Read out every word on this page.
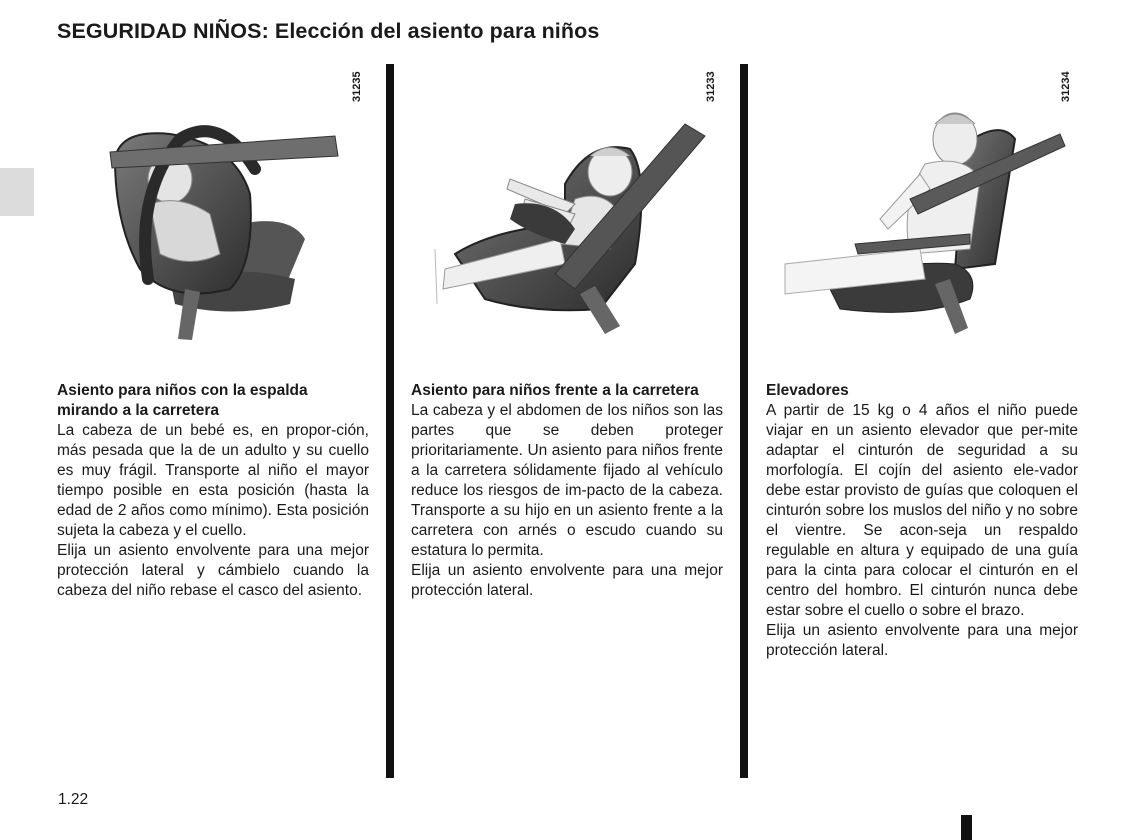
SEGURIDAD NIÑOS: Elección del asiento para niños
31235	31233	31234
Asiento para niños con la espalda mirando a la carretera

La cabeza de un bebé es, en propor-ción, más pesada que la de un adulto y su cuello es muy frágil. Transporte al niño el mayor tiempo posible en esta posición (hasta la edad de 2 años como mínimo). Esta posición sujeta la cabeza y el cuello.

Elija un asiento envolvente para una mejor protección lateral y cámbielo cuando la cabeza del niño rebase el casco del asiento.

Asiento para niños frente a la carretera

La cabeza y el abdomen de los niños son las partes que se deben proteger prioritariamente. Un asiento para niños frente a la carretera sólidamente fijado al vehículo reduce los riesgos de im-pacto de la cabeza. Transporte a su hijo en un asiento frente a la carretera con arnés o escudo cuando su estatura lo permita.

Elija un asiento envolvente para una mejor protección lateral.

Elevadores

A partir de 15 kg o 4 años el niño puede viajar en un asiento elevador que per-mite adaptar el cinturón de seguridad a su morfología. El cojín del asiento ele-vador debe estar provisto de guías que coloquen el cinturón sobre los muslos del niño y no sobre el vientre. Se acon-seja un respaldo regulable en altura y equipado de una guía para la cinta para colocar el cinturón en el centro del hombro. El cinturón nunca debe estar sobre el cuello o sobre el brazo.

Elija un asiento envolvente para una mejor protección lateral.

1.22
